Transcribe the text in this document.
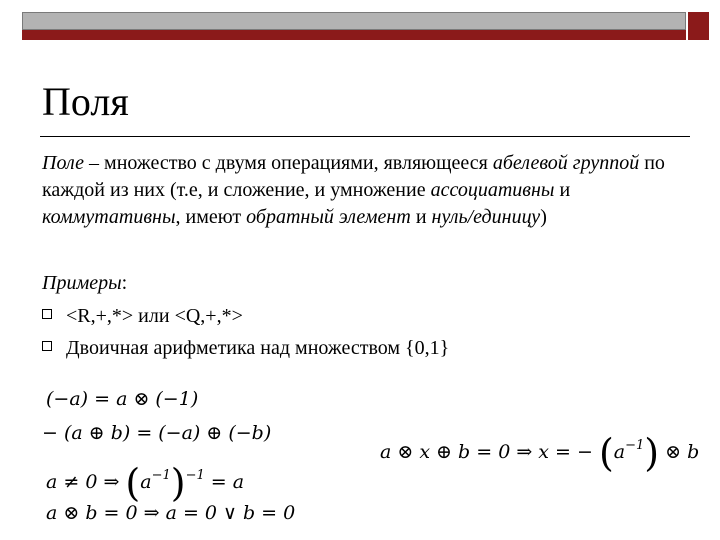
Поля

Поле – множество с двумя операциями, являющееся абелевой группой по каждой из них (т.е, и сложение, и умножение ассоциативны и коммутативны, имеют обратный элемент и нуль/единицу)

Примеры:
<R,+,*> или <Q,+,*>
Двоичная арифметика над множеством {0,1}
(−a) = a ⊗ (−1)
− (a ⊕ b) = (−a) ⊕ (−b)
a ≠ 0 ⇒ $(a^{-1})^{-1} = a$
a ⊗ b = 0 ⇒ a = 0 ∨ b = 0
a ⊗ x ⊕ b = 0 ⇒ x = − $(a^{-1})$ ⊗ b
